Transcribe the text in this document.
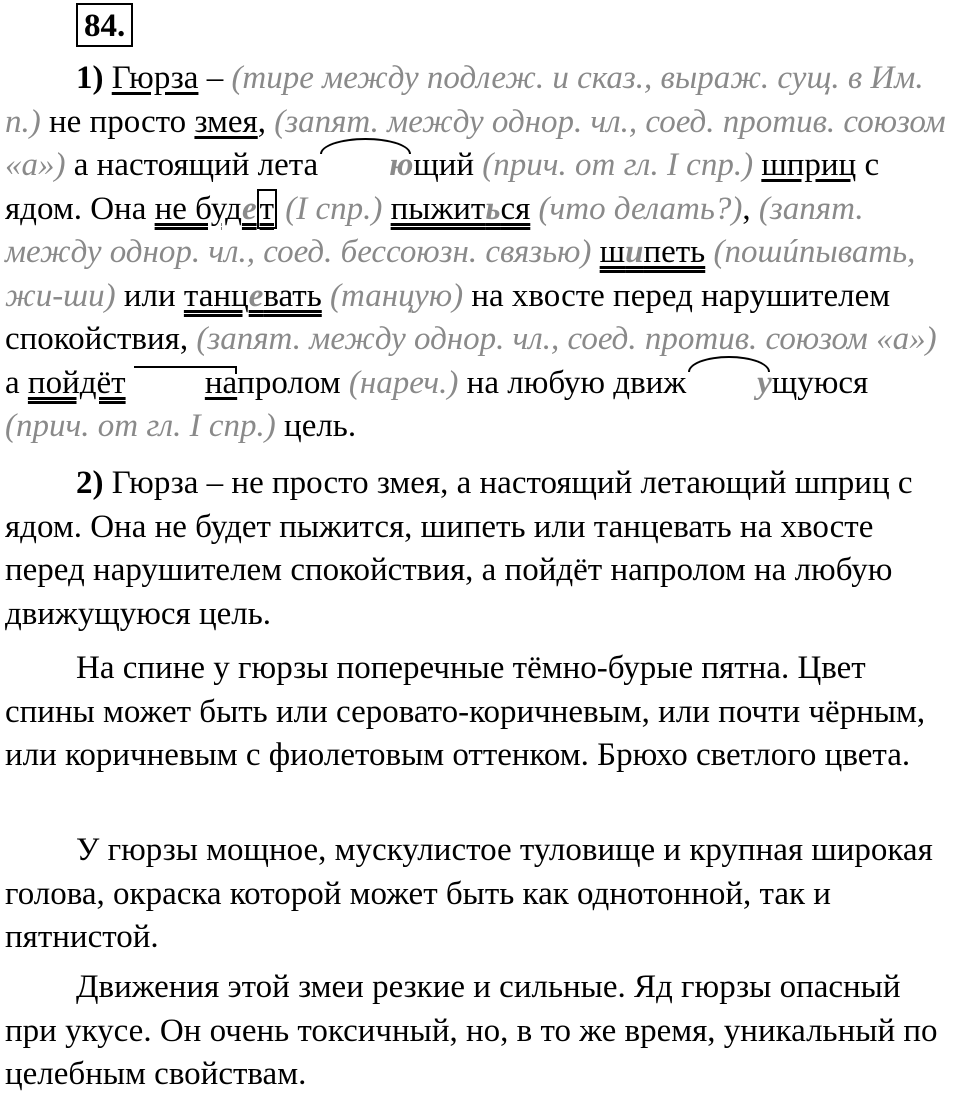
84.

1) Гюрза – (тире между подлеж. и сказ., выраж. сущ. в Им. п.) не просто змея, (запят. между однор. чл., соед. против. союзом «а») а настоящий лета ющий (прич. от гл. I спр.) шприц с ядом. Она не будет (I спр.) пыжиться (что делать?), (запят. между однор. чл., соед. бессоюзн. связью) шипеть (пошúпывать, жи-ши) или танцевать (танцую) на хвосте перед нарушителем спокойствия, (запят. между однор. чл., соед. против. союзом «а») а пойдёт напролом (нареч.) на любую движ ущуюся (прич. от гл. I спр.) цель.

2) Гюрза – не просто змея, а настоящий летающий шприц с ядом. Она не будет пыжится, шипеть или танцевать на хвосте перед нарушителем спокойствия, а пойдёт напролом на любую движущуюся цель.

На спине у гюрзы поперечные тёмно-бурые пятна. Цвет спины может быть или серовато-коричневым, или почти чёрным, или коричневым с фиолетовым оттенком. Брюхо светлого цвета.

У гюрзы мощное, мускулистое туловище и крупная широкая голова, окраска которой может быть как однотонной, так и пятнистой.

Движения этой змеи резкие и сильные. Яд гюрзы опасный при укусе. Он очень токсичный, но, в то же время, уникальный по целебным свойствам.
